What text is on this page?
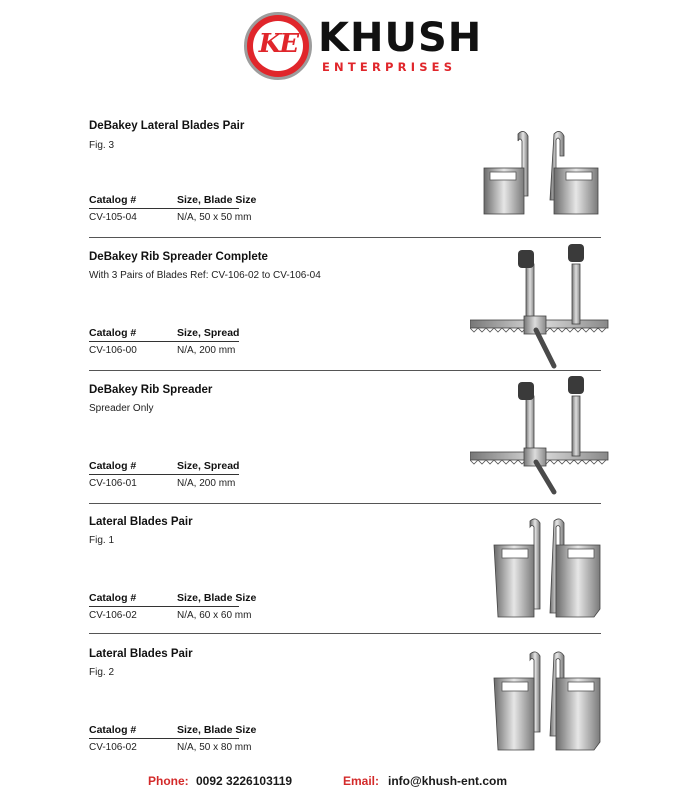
KE KHUSH
ENTERPRISES
DeBakey Lateral Blades Pair
Fig. 3
Catalog #	Size, Blade Size
CV-105-04	N/A, 50 x 50 mm
DeBakey Rib Spreader Complete
With 3 Pairs of Blades Ref: CV-106-02 to CV-106-04
Catalog #	Size, Spread
CV-106-00	N/A, 200 mm
DeBakey Rib Spreader
Spreader Only
Catalog #	Size, Spread
CV-106-01	N/A, 200 mm
Lateral Blades Pair
Fig. 1
Catalog #	Size, Blade Size
CV-106-02	N/A, 60 x 60 mm
Lateral Blades Pair
Fig. 2
Catalog #	Size, Blade Size
CV-106-02	N/A, 50 x 80 mm
Phone: 0092 3226103119	Email: info@khush-ent.com
